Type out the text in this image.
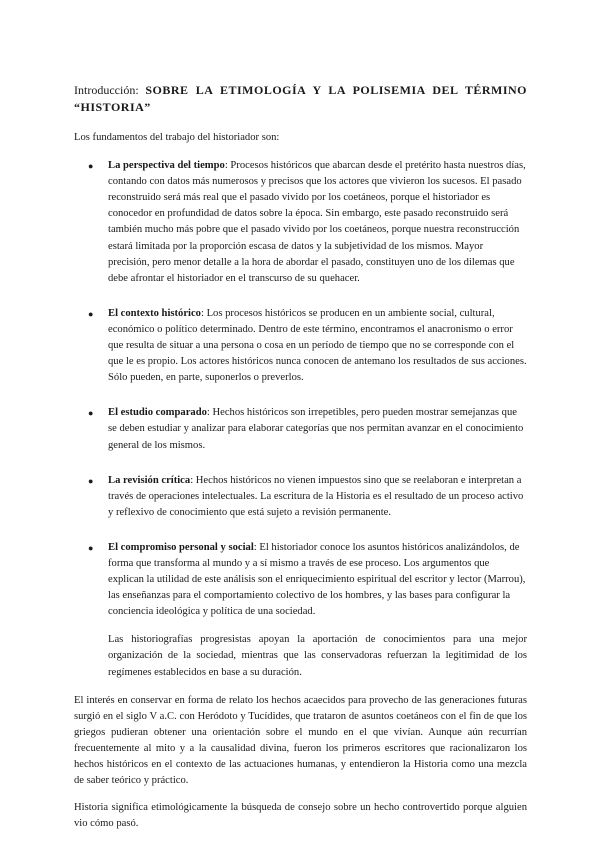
Introducción: SOBRE LA ETIMOLOGÍA Y LA POLISEMIA DEL TÉRMINO “HISTORIA”

Los fundamentos del trabajo del historiador son:

● La perspectiva del tiempo: Procesos históricos que abarcan desde el pretérito hasta nuestros días, contando con datos más numerosos y precisos que los actores que vivieron los sucesos. El pasado reconstruido será más real que el pasado vivido por los coetáneos, porque el historiador es conocedor en profundidad de datos sobre la época. Sin embargo, este pasado reconstruido será también mucho más pobre que el pasado vivido por los coetáneos, porque nuestra reconstrucción estará limitada por la proporción escasa de datos y la subjetividad de los mismos. Mayor precisión, pero menor detalle a la hora de abordar el pasado, constituyen uno de los dilemas que debe afrontar el historiador en el transcurso de su quehacer.
● El contexto histórico: Los procesos históricos se producen en un ambiente social, cultural, económico o político determinado. Dentro de este término, encontramos el anacronismo o error que resulta de situar a una persona o cosa en un período de tiempo que no se corresponde con el que le es propio. Los actores históricos nunca conocen de antemano los resultados de sus acciones. Sólo pueden, en parte, suponerlos o preverlos.
● El estudio comparado: Hechos históricos son irrepetibles, pero pueden mostrar semejanzas que se deben estudiar y analizar para elaborar categorías que nos permitan avanzar en el conocimiento general de los mismos.
● La revisión crítica: Hechos históricos no vienen impuestos sino que se reelaboran e interpretan a través de operaciones intelectuales. La escritura de la Historia es el resultado de un proceso activo y reflexivo de conocimiento que está sujeto a revisión permanente.
● El compromiso personal y social: El historiador conoce los asuntos históricos analizándolos, de forma que transforma al mundo y a sí mismo a través de ese proceso. Los argumentos que explican la utilidad de este análisis son el enriquecimiento espiritual del escritor y lector (Marrou), las enseñanzas para el comportamiento colectivo de los hombres, y las bases para configurar la conciencia ideológica y política de una sociedad.

Las historiografías progresistas apoyan la aportación de conocimientos para una mejor organización de la sociedad, mientras que las conservadoras refuerzan la legitimidad de los regímenes establecidos en base a su duración.

El interés en conservar en forma de relato los hechos acaecidos para provecho de las generaciones futuras surgió en el siglo V a.C. con Heródoto y Tucídides, que trataron de asuntos coetáneos con el fin de que los griegos pudieran obtener una orientación sobre el mundo en el que vivían. Aunque aún recurrían frecuentemente al mito y a la causalidad divina, fueron los primeros escritores que racionalizaron los hechos históricos en el contexto de las actuaciones humanas, y entendieron la Historia como una mezcla de saber teórico y práctico.

Historia significa etimológicamente la búsqueda de consejo sobre un hecho controvertido porque alguien vio cómo pasó.
